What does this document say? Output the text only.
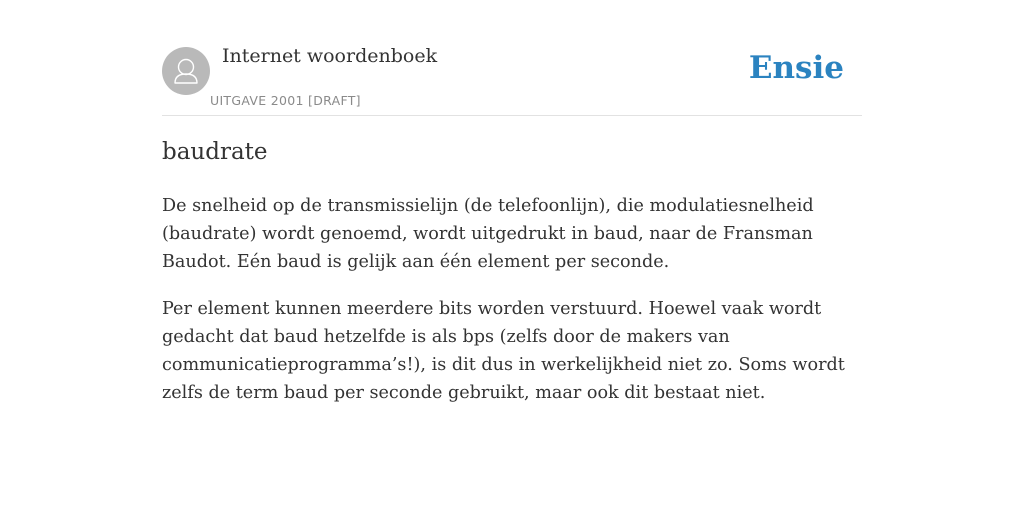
Internet woordenboek
UITGAVE 2001 [DRAFT]
Ensie
baudrate

De snelheid op de transmissielijn (de telefoonlijn), die modulatiesnelheid (baudrate) wordt genoemd, wordt uitgedrukt in baud, naar de Fransman Baudot. Eén baud is gelijk aan één element per seconde.

Per element kunnen meerdere bits worden verstuurd. Hoewel vaak wordt gedacht dat baud hetzelfde is als bps (zelfs door de makers van communicatieprogramma’s!), is dit dus in werkelijkheid niet zo. Soms wordt zelfs de term baud per seconde gebruikt, maar ook dit bestaat niet.
